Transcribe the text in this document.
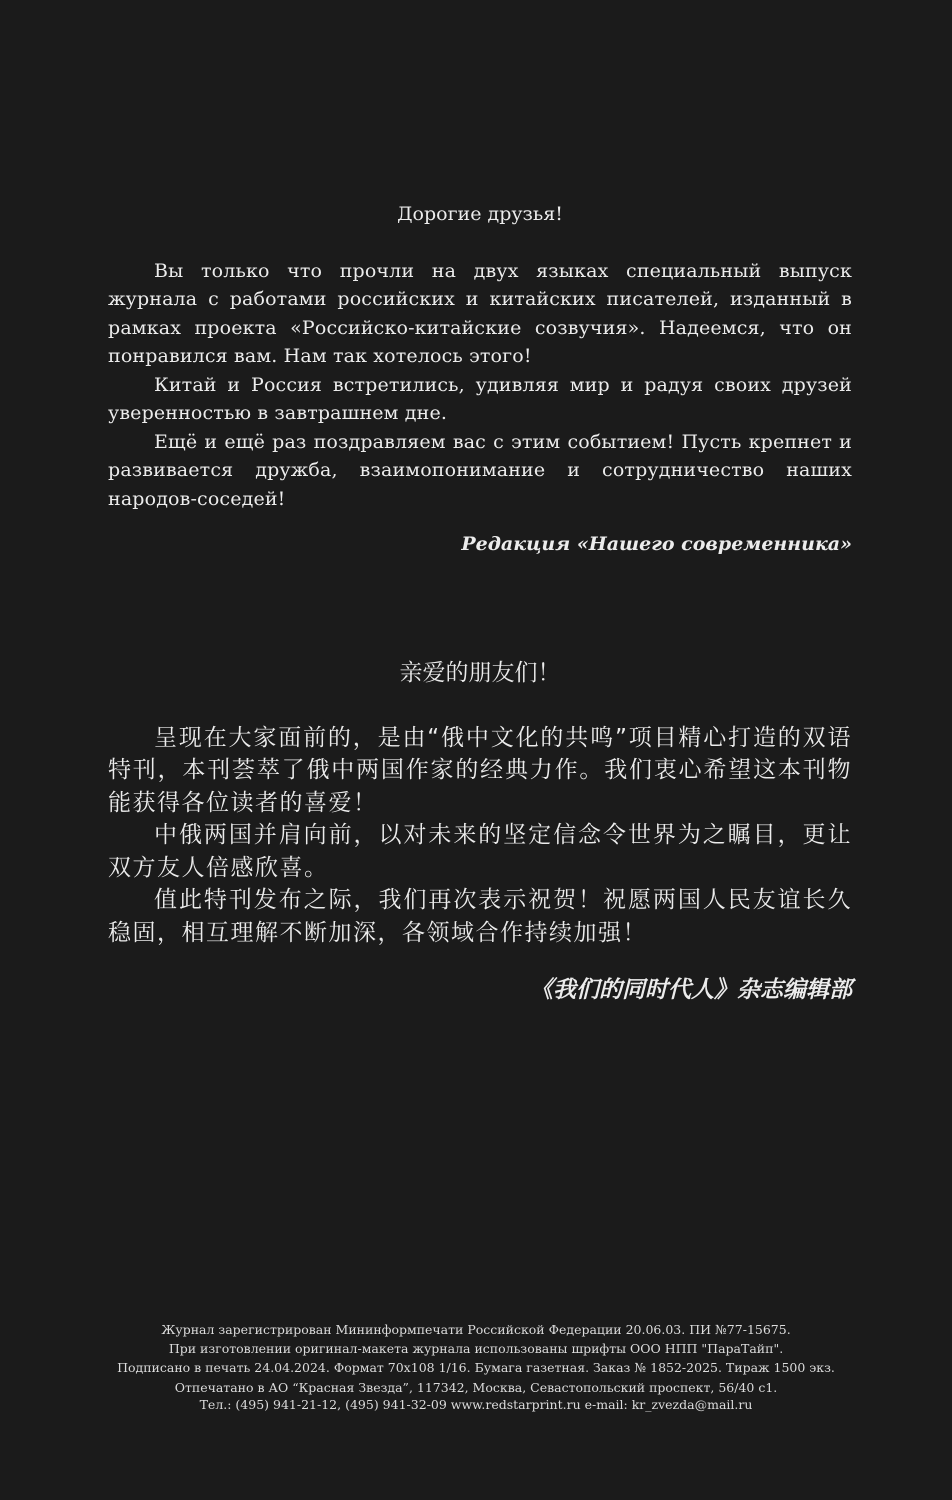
Дорогие друзья!

Вы только что прочли на двух языках специальный выпуск журнала с работами российских и китайских писателей, изданный в рамках проекта «Российско-китайские созвучия». Надеемся, что он понравился вам. Нам так хотелось этого!

Китай и Россия встретились, удивляя мир и радуя своих друзей уверенностью в завтрашнем дне.

Ещё и ещё раз поздравляем вас с этим событием! Пусть крепнет и развивается дружба, взаимопонимание и сотрудничество наших народов-соседей!

Редакция «Нашего современника»

亲爱的朋友们！

呈现在大家面前的，是由“俄中文化的共鸣”项目精心打造的双语特刊，本刊荟萃了俄中两国作家的经典力作。我们衷心希望这本刊物能获得各位读者的喜爱！

中俄两国并肩向前，以对未来的坚定信念令世界为之瞩目，更让双方友人倍感欣喜。

值此特刊发布之际，我们再次表示祝贺！祝愿两国人民友谊长久稳固，相互理解不断加深，各领域合作持续加强！

《我们的同时代人》杂志编辑部

Журнал зарегистрирован Мининформпечати Российской Федерации 20.06.03. ПИ №77-15675.

При изготовлении оригинал-макета журнала использованы шрифты ООО НПП "ПараТайп".

Подписано в печать 24.04.2024. Формат 70х108 1/16. Бумага газетная. Заказ № 1852-2025. Тираж 1500 экз.

Отпечатано в АО “Красная Звезда”, 117342, Москва, Севастопольский проспект, 56/40 с1.

Тел.: (495) 941-21-12, (495) 941-32-09 www.redstarprint.ru e-mail: kr_zvezda@mail.ru
